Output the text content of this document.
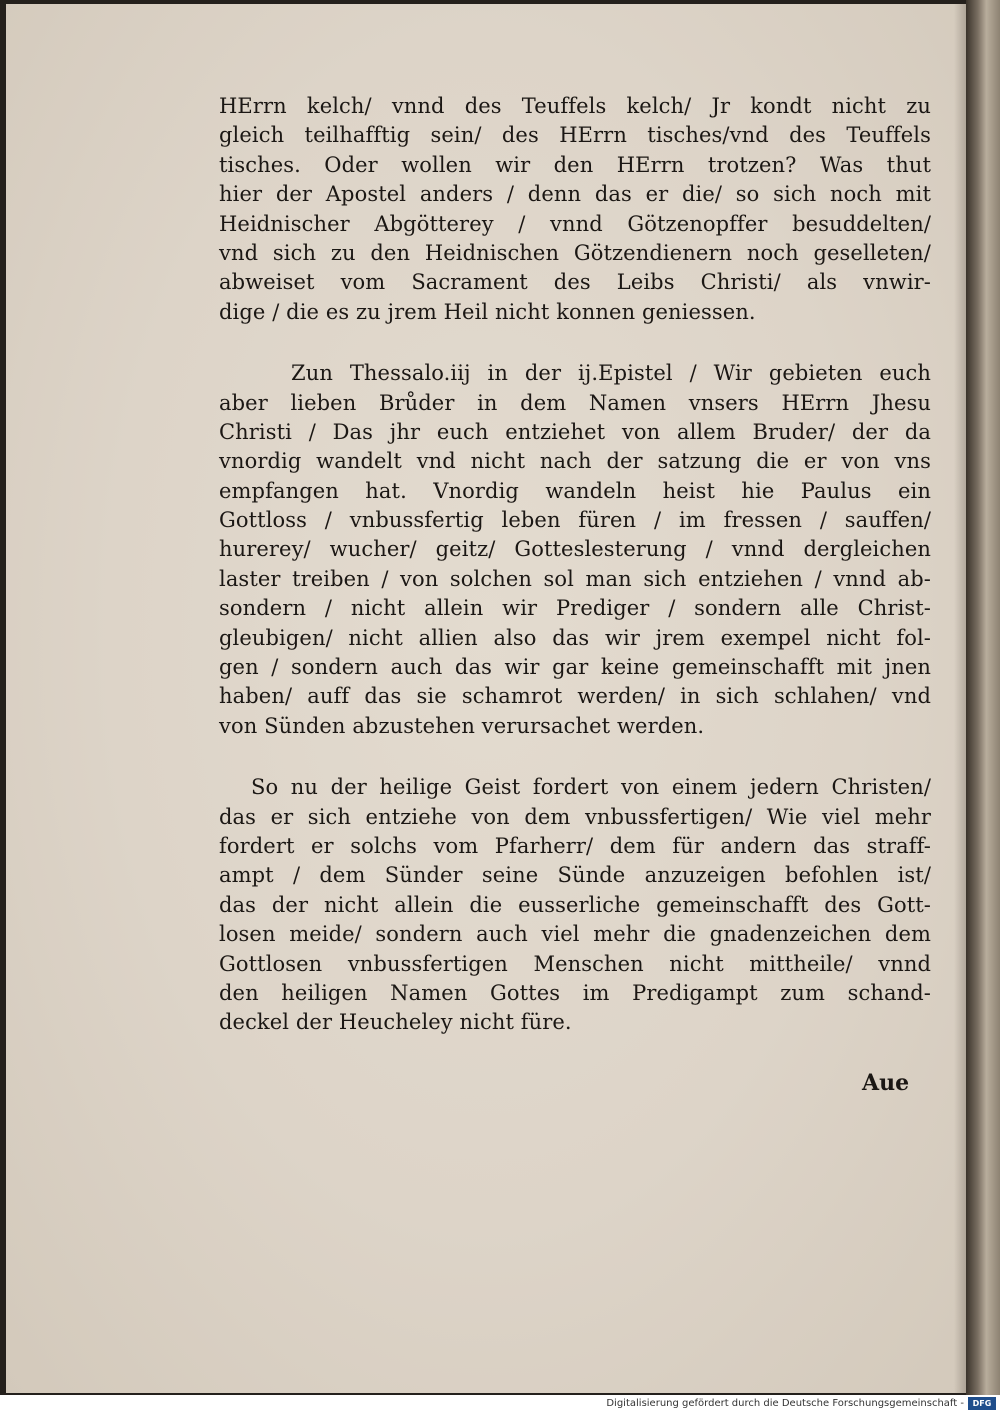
HErrn kelch/ vnnd des Teuffels kelch/ Jr kondt nicht zu
gleich teilhafftig sein/ des HErrn tisches/vnd des Teuffels
tisches. Oder wollen wir den HErrn trotzen? Was thut
hier der Apostel anders / denn das er die/ so sich noch mit
Heidnischer Abgötterey / vnnd Götzenopffer besuddelten/
vnd sich zu den Heidnischen Götzendienern noch geselleten/
abweiset vom Sacrament des Leibs Christi/ als vnwir-
dige / die es zu jrem Heil nicht konnen geniessen.
Zun Thessalo.iij in der ij.Epistel / Wir gebieten euch
aber lieben Brůder in dem Namen vnsers HErrn Jhesu
Christi / Das jhr euch entziehet von allem Bruder/ der da
vnordig wandelt vnd nicht nach der satzung die er von vns
empfangen hat. Vnordig wandeln heist hie Paulus ein
Gottloss / vnbussfertig leben füren / im fressen / sauffen/
hurerey/ wucher/ geitz/ Gotteslesterung / vnnd dergleichen
laster treiben / von solchen sol man sich entziehen / vnnd ab-
sondern / nicht allein wir Prediger / sondern alle Christ-
gleubigen/ nicht allien also das wir jrem exempel nicht fol-
gen / sondern auch das wir gar keine gemeinschafft mit jnen
haben/ auff das sie schamrot werden/ in sich schlahen/ vnd
von Sünden abzustehen verursachet werden.
So nu der heilige Geist fordert von einem jedern Christen/
das er sich entziehe von dem vnbussfertigen/ Wie viel mehr
fordert er solchs vom Pfarherr/ dem für andern das straff-
ampt / dem Sünder seine Sünde anzuzeigen befohlen ist/
das der nicht allein die eusserliche gemeinschafft des Gott-
losen meide/ sondern auch viel mehr die gnadenzeichen dem
Gottlosen vnbussfertigen Menschen nicht mittheile/ vnnd
den heiligen Namen Gottes im Predigampt zum schand-
deckel der Heucheley nicht füre.
Aue
Digitalisierung gefördert durch die Deutsche Forschungsgemeinschaft -	DFG
